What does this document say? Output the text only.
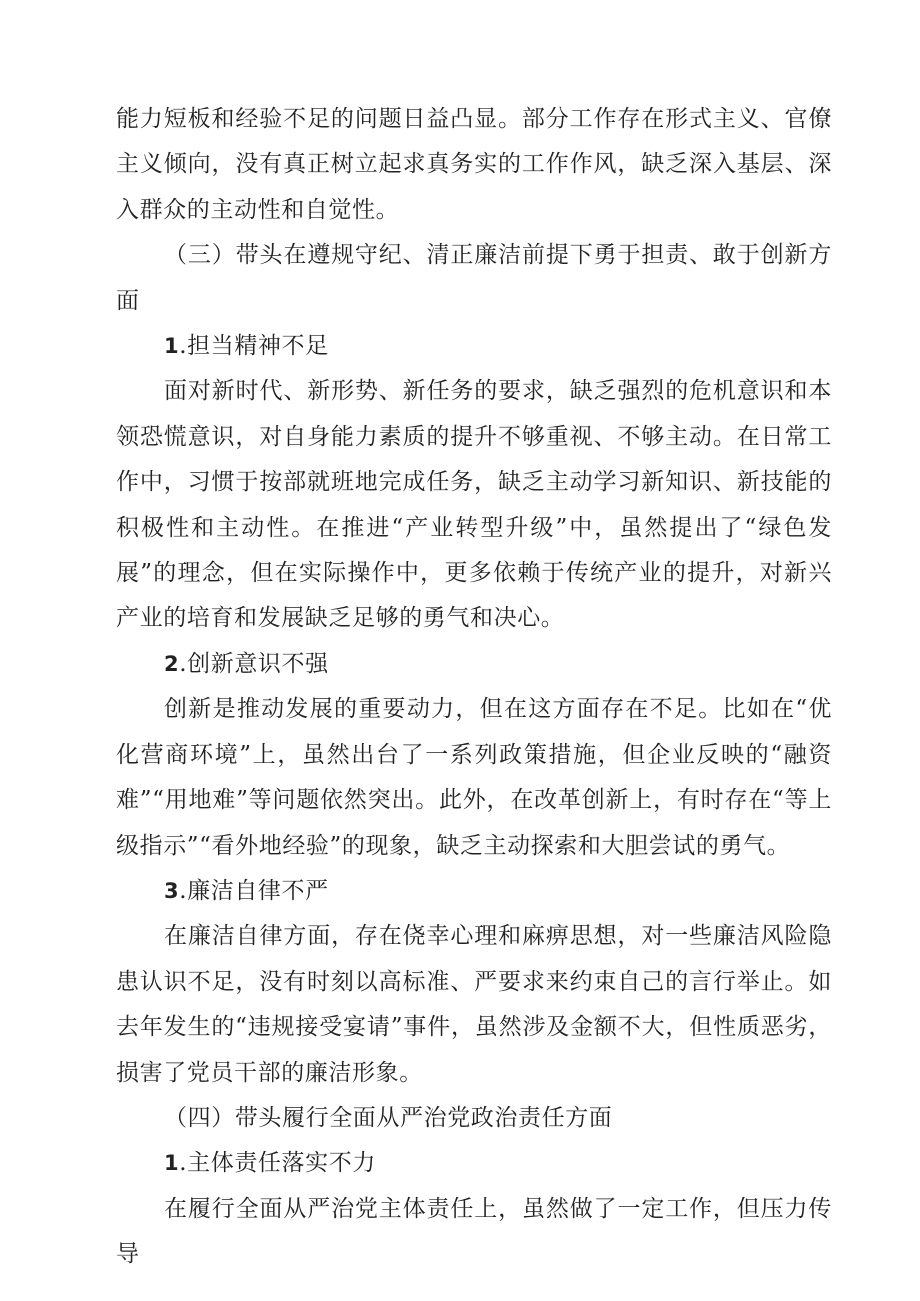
能力短板和经验不足的问题日益凸显。部分工作存在形式主义、官僚主义倾向，没有真正树立起求真务实的工作作风，缺乏深入基层、深入群众的主动性和自觉性。

（三）带头在遵规守纪、清正廉洁前提下勇于担责、敢于创新方面

1.担当精神不足

面对新时代、新形势、新任务的要求，缺乏强烈的危机意识和本领恐慌意识，对自身能力素质的提升不够重视、不够主动。在日常工作中，习惯于按部就班地完成任务，缺乏主动学习新知识、新技能的积极性和主动性。在推进“产业转型升级”中，虽然提出了“绿色发展”的理念，但在实际操作中，更多依赖于传统产业的提升，对新兴产业的培育和发展缺乏足够的勇气和决心。

2.创新意识不强

创新是推动发展的重要动力，但在这方面存在不足。比如在“优化营商环境”上，虽然出台了一系列政策措施，但企业反映的“融资难”“用地难”等问题依然突出。此外，在改革创新上，有时存在“等上级指示”“看外地经验”的现象，缺乏主动探索和大胆尝试的勇气。

3.廉洁自律不严

在廉洁自律方面，存在侥幸心理和麻痹思想，对一些廉洁风险隐患认识不足，没有时刻以高标准、严要求来约束自己的言行举止。如去年发生的“违规接受宴请”事件，虽然涉及金额不大，但性质恶劣，损害了党员干部的廉洁形象。

（四）带头履行全面从严治党政治责任方面

1.主体责任落实不力

在履行全面从严治党主体责任上，虽然做了一定工作，但压力传导
